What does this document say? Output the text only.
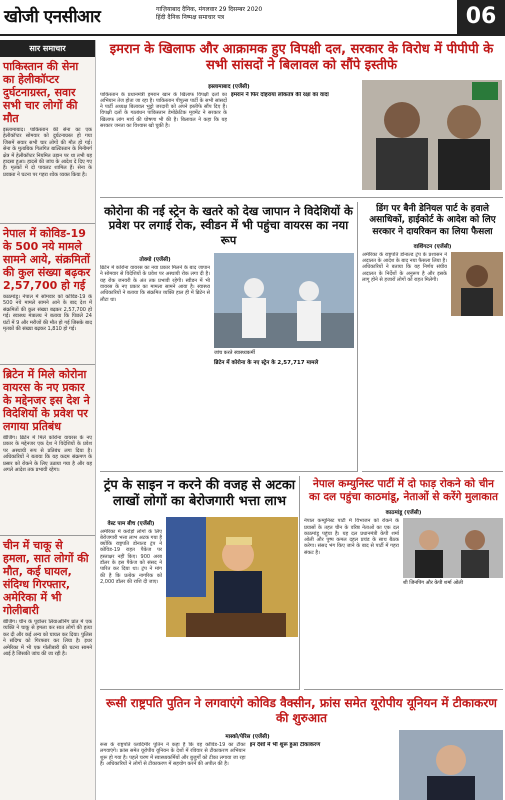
खोजी एनसीआर	गाज़ियाबाद दैनिक, मंगलवार 29 दिसम्बर 2020
हिंदी दैनिक निष्पक्ष समाचार पत्र	06
सार समाचार
पाकिस्तान की सेना का हेलीकॉप्टर दुर्घटनाग्रस्त, सवार सभी चार लोगों की मौत
इस्लामाबाद। पाकिस्तान की सेना का एक हेलीकॉप्टर सोमवार को दुर्घटनाग्रस्त हो गया जिसमें सवार सभी चार लोगों की मौत हो गई। सेना के मुताबिक गिलगित बाल्टिस्तान के मिनीमर्ग क्षेत्र में हेलीकॉप्टर नियमित उड़ान पर था तभी यह हादसा हुआ। हादसे की जांच के आदेश दे दिए गए हैं। मृतकों में दो पायलट शामिल हैं। सेना के प्रवक्ता ने घटना पर गहरा शोक व्यक्त किया है।
नेपाल में कोविड-19 के 500 नये मामले सामने आये, संक्रमितों की कुल संख्या बढ़कर 2,57,700 हो गई
काठमांडू। नेपाल में सोमवार को कोविड-19 के 500 नये मामले सामने आने के बाद देश में संक्रमितों की कुल संख्या बढ़कर 2,57,700 हो गई। स्वास्थ्य मंत्रालय ने बताया कि पिछले 24 घंटों में 9 और मरीजों की मौत हो गई जिसके बाद मृतकों की संख्या बढ़कर 1,810 हो गई।
ब्रिटेन में मिले कोरोना वायरस के नए प्रकार के मद्देनजर इस देश ने विदेशियों के प्रवेश पर लगाया प्रतिबंध
बीजिंग। ब्रिटेन में मिले कोरोना वायरस के नए प्रकार के मद्देनजर एक देश ने विदेशियों के प्रवेश पर अस्थायी रूप से प्रतिबंध लगा दिया है। अधिकारियों ने बताया कि यह कदम संक्रमण के प्रसार को रोकने के लिए उठाया गया है और यह अगले आदेश तक प्रभावी रहेगा।
चीन में चाकू से हमला, सात लोगों की मौत, कई घायल, संदिग्ध गिरफ्तार, अमेरिका में भी गोलीबारी
बीजिंग। चीन के पूर्वोत्तर लियाओनिंग प्रांत में एक व्यक्ति ने चाकू से हमला कर सात लोगों की हत्या कर दी और कई अन्य को घायल कर दिया। पुलिस ने संदिग्ध को गिरफ्तार कर लिया है। इधर अमेरिका में भी एक गोलीबारी की घटना सामने आई है जिसकी जांच की जा रही है।
इमरान के खिलाफ और आक्रामक हुए विपक्षी दल, सरकार के विरोध में पीपीपी के सभी सांसदों ने बिलावल को सौंपे इस्तीफे
इस्लामाबाद (एजेंसी)
पाकिस्तान के प्रधानमंत्री इमरान खान के खिलाफ विपक्षी दलों का अभियान तेज होता जा रहा है। पाकिस्तान पीपुल्स पार्टी के सभी सांसदों ने पार्टी अध्यक्ष बिलावल भुट्टो जरदारी को अपने इस्तीफे सौंप दिए हैं। विपक्षी दलों के गठबंधन पाकिस्तान डेमोक्रेटिक मूवमेंट ने सरकार के खिलाफ लांग मार्च की घोषणा भी की है। बिलावल ने कहा कि यह सरकार जनता का विश्वास खो चुकी है।
इमरान ने फिर दोहराया लोकतंत्र की रक्षा का वादा
कोरोना की नई स्ट्रेन के खतरे को देख जापान ने विदेशियों के प्रवेश पर लगाई रोक, स्वीडन में भी पहुंचा वायरस का नया रूप
तोक्यो (एजेंसी)
ब्रिटेन में कोरोना वायरस का नया प्रकार मिलने के बाद जापान ने सोमवार से विदेशियों के प्रवेश पर अस्थायी रोक लगा दी है। यह रोक जनवरी के अंत तक प्रभावी रहेगी। स्वीडन में भी वायरस के नए प्रकार का मामला सामने आया है। स्वास्थ्य अधिकारियों ने बताया कि संक्रमित व्यक्ति हाल ही में ब्रिटेन से लौटा था।
जांच करते स्वास्थ्यकर्मी
ब्रिटेन में कोरोना के नए स्ट्रेन के 2,57,717 मामले
डिंग पर बैनी डेनियल पार्ट के हवाले असाधिकों, हाईकोर्ट के आदेश को लिए सरकार ने दायरिकन का लिया फैसला
वाशिंगटन (एजेंसी)
अमेरिका के राष्ट्रपति डोनाल्ड ट्रंप के प्रशासन ने अदालत के आदेश के बाद नया फैसला लिया है। अधिकारियों ने बताया कि यह निर्णय संघीय अदालत के निर्देशों के अनुरूप है और इसके लागू होने से हजारों लोगों को राहत मिलेगी।
ट्रंप के साइन न करने की वजह से अटका लाखों लोगों का बेरोजगारी भत्ता लाभ
वेस्ट पाम बीच (एजेंसी)
अमेरिका में करोड़ों लोगों के लिए बेरोजगारी भत्ता लाभ अटक गया है क्योंकि राष्ट्रपति डोनाल्ड ट्रंप ने कोविड-19 राहत पैकेज पर हस्ताक्षर नहीं किए। 900 अरब डॉलर के इस पैकेज को संसद ने पारित कर दिया था। ट्रंप ने मांग की है कि प्रत्येक नागरिक को 2,000 डॉलर की राशि दी जाए।
नेपाल कम्युनिस्ट पार्टी में दो फाड़ रोकने को चीन का दल पहुंचा काठमांडू, नेताओं से करेंगे मुलाकात
काठमांडू (एजेंसी)
नेपाल कम्युनिस्ट पार्टी में विभाजन को रोकने के प्रयासों के तहत चीन के वरिष्ठ नेताओं का एक दल काठमांडू पहुंचा है। यह दल प्रधानमंत्री केपी शर्मा ओली और पुष्प कमल दहल प्रचंड के साथ बैठक करेगा। संसद भंग किए जाने के बाद से पार्टी में गहरा संकट है।
शी जिनपिंग और केपी शर्मा ओली
रूसी राष्ट्रपति पुतिन ने लगवाएंगे कोविड वैक्सीन, फ्रांस समेत यूरोपीय यूनियन में टीकाकरण की शुरुआत
मास्को/पेरिस (एजेंसी)
रूस के राष्ट्रपति व्लादिमीर पुतिन ने कहा है कि वह कोविड-19 का टीका लगवाएंगे। फ्रांस समेत यूरोपीय यूनियन के देशों में रविवार से टीकाकरण अभियान शुरू हो गया है। पहले चरण में स्वास्थ्यकर्मियों और बुजुर्गों को टीका लगाया जा रहा है। अधिकारियों ने लोगों से टीकाकरण में सहयोग करने की अपील की है।
इन देशों में भी शुरू हुआ टीकाकरण
